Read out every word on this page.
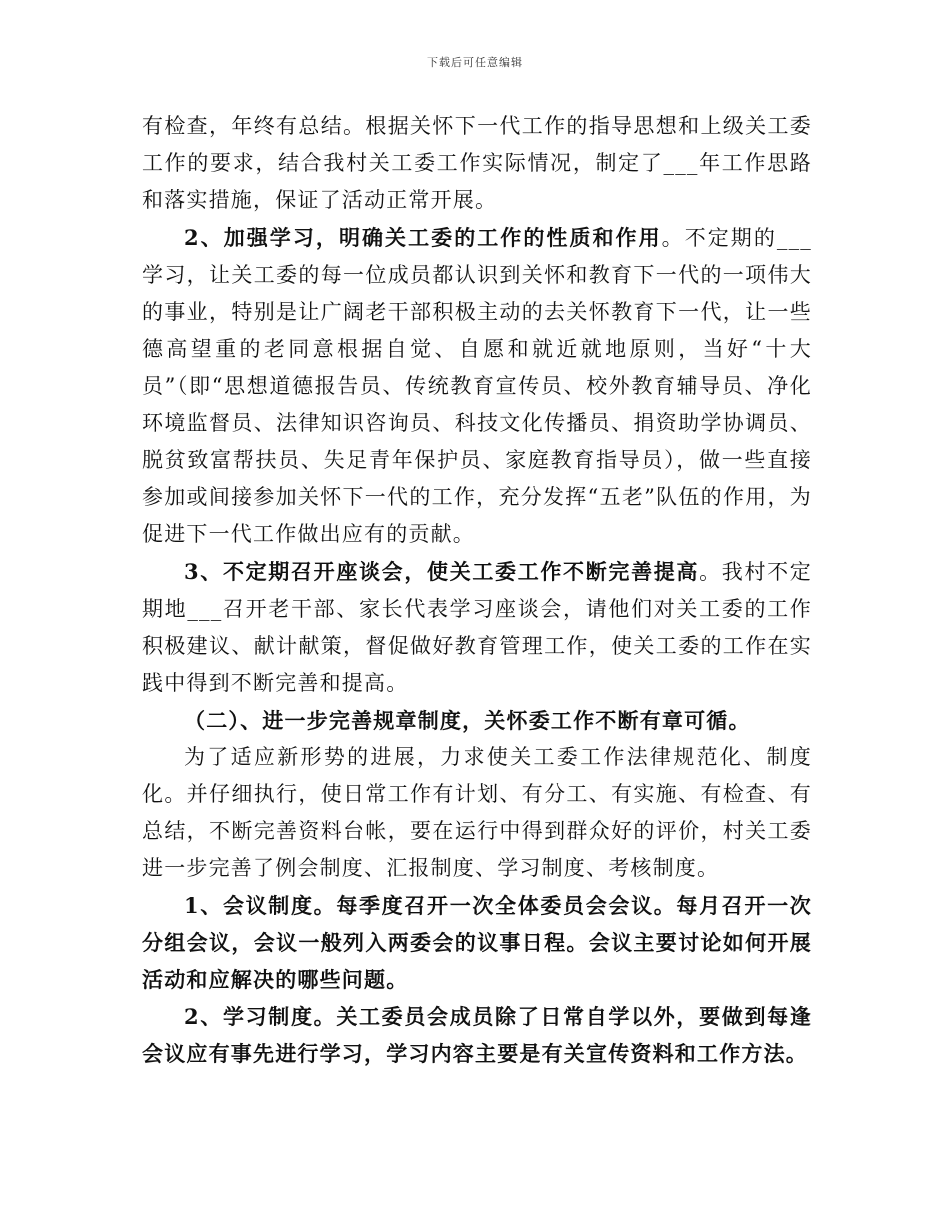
下载后可任意编辑

有检查，年终有总结。根据关怀下一代工作的指导思想和上级关工委工作的要求，结合我村关工委工作实际情况，制定了___年工作思路和落实措施，保证了活动正常开展。

2、加强学习，明确关工委的工作的性质和作用。不定期的___学习，让关工委的每一位成员都认识到关怀和教育下一代的一项伟大的事业，特别是让广阔老干部积极主动的去关怀教育下一代，让一些德高望重的老同意根据自觉、自愿和就近就地原则，当好“十大员”（即“思想道德报告员、传统教育宣传员、校外教育辅导员、净化环境监督员、法律知识咨询员、科技文化传播员、捐资助学协调员、脱贫致富帮扶员、失足青年保护员、家庭教育指导员），做一些直接参加或间接参加关怀下一代的工作，充分发挥“五老”队伍的作用，为促进下一代工作做出应有的贡献。

3、不定期召开座谈会，使关工委工作不断完善提高。我村不定期地___召开老干部、家长代表学习座谈会，请他们对关工委的工作积极建议、献计献策，督促做好教育管理工作，使关工委的工作在实践中得到不断完善和提高。

（二）、进一步完善规章制度，关怀委工作不断有章可循。

为了适应新形势的进展，力求使关工委工作法律规范化、制度化。并仔细执行，使日常工作有计划、有分工、有实施、有检查、有总结，不断完善资料台帐，要在运行中得到群众好的评价，村关工委进一步完善了例会制度、汇报制度、学习制度、考核制度。

1、会议制度。每季度召开一次全体委员会会议。每月召开一次分组会议，会议一般列入两委会的议事日程。会议主要讨论如何开展活动和应解决的哪些问题。

2、学习制度。关工委员会成员除了日常自学以外，要做到每逢会议应有事先进行学习，学习内容主要是有关宣传资料和工作方法。
